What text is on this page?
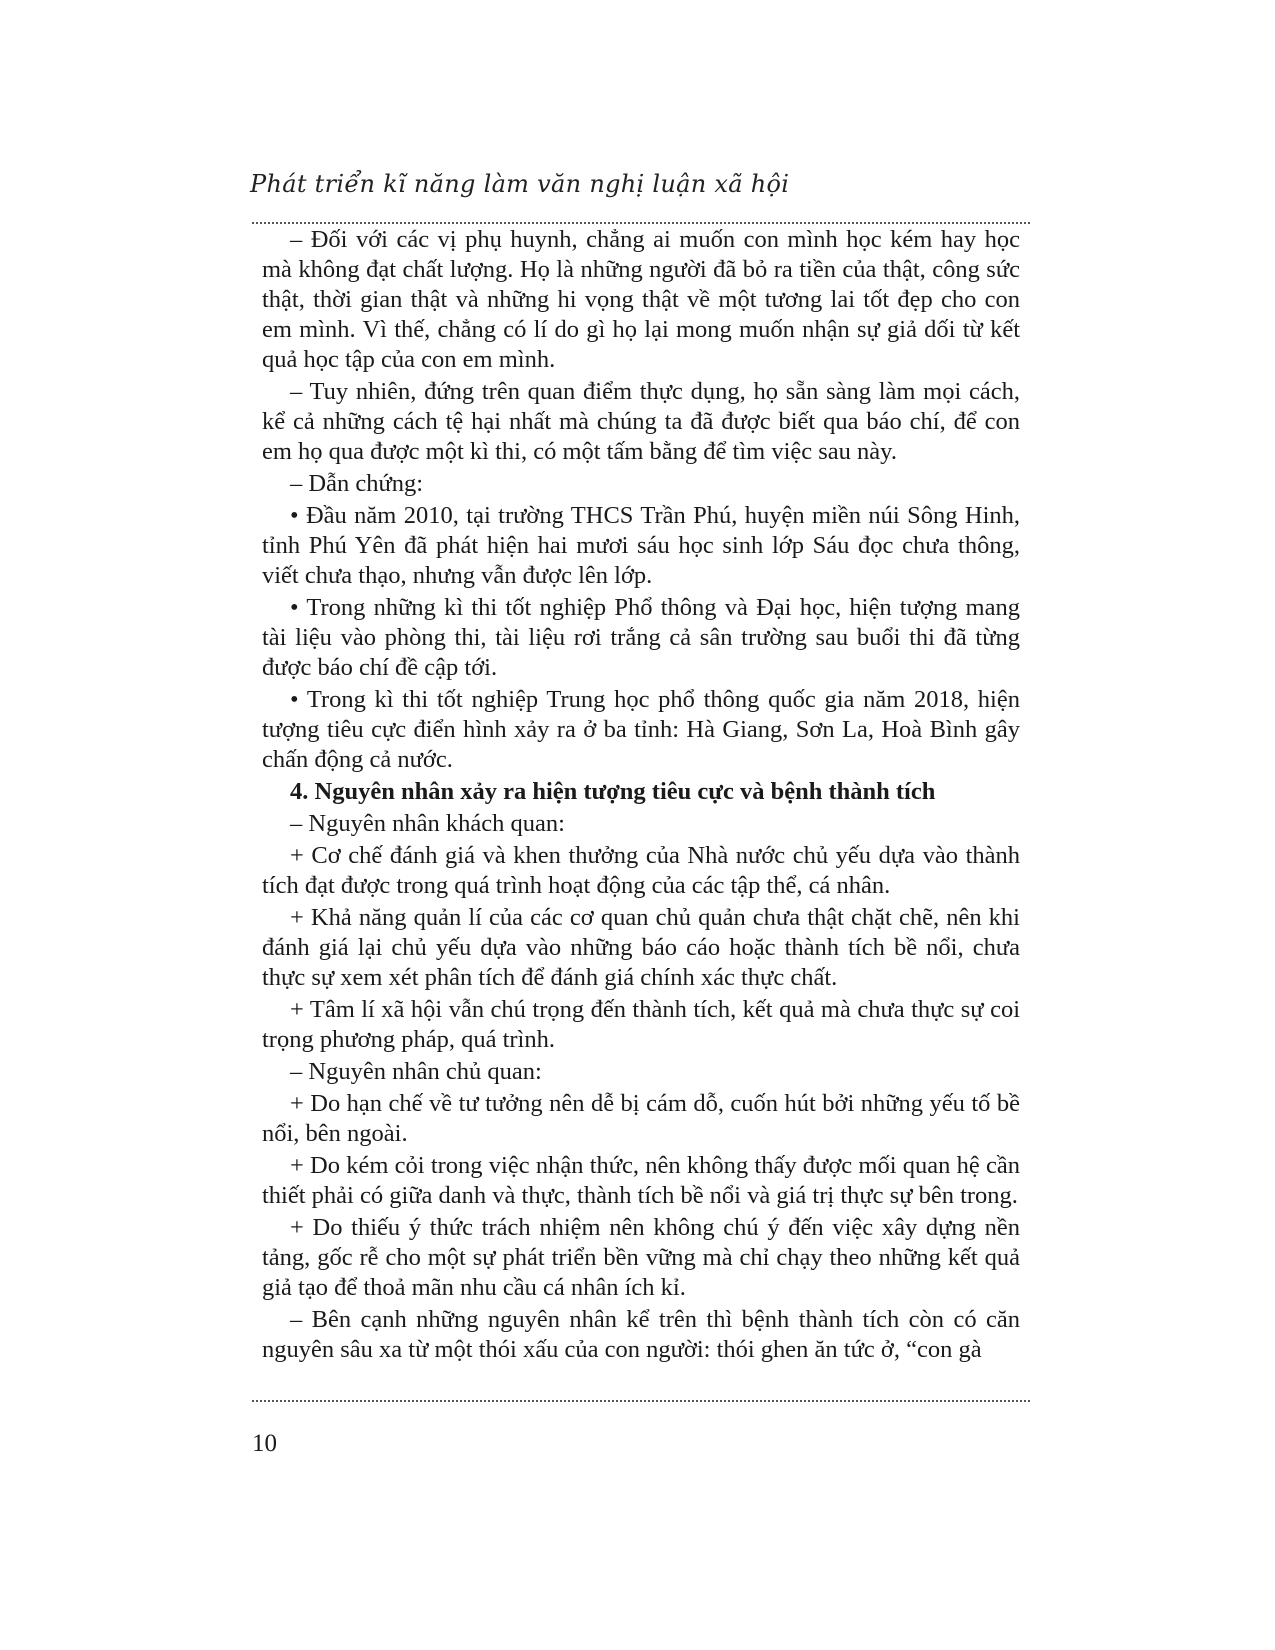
Phát triển kĩ năng làm văn nghị luận xã hội

– Đối với các vị phụ huynh, chẳng ai muốn con mình học kém hay học mà không đạt chất lượng. Họ là những người đã bỏ ra tiền của thật, công sức thật, thời gian thật và những hi vọng thật về một tương lai tốt đẹp cho con em mình. Vì thế, chẳng có lí do gì họ lại mong muốn nhận sự giả dối từ kết quả học tập của con em mình.

– Tuy nhiên, đứng trên quan điểm thực dụng, họ sẵn sàng làm mọi cách, kể cả những cách tệ hại nhất mà chúng ta đã được biết qua báo chí, để con em họ qua được một kì thi, có một tấm bằng để tìm việc sau này.

– Dẫn chứng:

• Đầu năm 2010, tại trường THCS Trần Phú, huyện miền núi Sông Hinh, tỉnh Phú Yên đã phát hiện hai mươi sáu học sinh lớp Sáu đọc chưa thông, viết chưa thạo, nhưng vẫn được lên lớp.

• Trong những kì thi tốt nghiệp Phổ thông và Đại học, hiện tượng mang tài liệu vào phòng thi, tài liệu rơi trắng cả sân trường sau buổi thi đã từng được báo chí đề cập tới.

• Trong kì thi tốt nghiệp Trung học phổ thông quốc gia năm 2018, hiện tượng tiêu cực điển hình xảy ra ở ba tỉnh: Hà Giang, Sơn La, Hoà Bình gây chấn động cả nước.

4. Nguyên nhân xảy ra hiện tượng tiêu cực và bệnh thành tích

– Nguyên nhân khách quan:

+ Cơ chế đánh giá và khen thưởng của Nhà nước chủ yếu dựa vào thành tích đạt được trong quá trình hoạt động của các tập thể, cá nhân.

+ Khả năng quản lí của các cơ quan chủ quản chưa thật chặt chẽ, nên khi đánh giá lại chủ yếu dựa vào những báo cáo hoặc thành tích bề nổi, chưa thực sự xem xét phân tích để đánh giá chính xác thực chất.

+ Tâm lí xã hội vẫn chú trọng đến thành tích, kết quả mà chưa thực sự coi trọng phương pháp, quá trình.

– Nguyên nhân chủ quan:

+ Do hạn chế về tư tưởng nên dễ bị cám dỗ, cuốn hút bởi những yếu tố bề nổi, bên ngoài.

+ Do kém cỏi trong việc nhận thức, nên không thấy được mối quan hệ cần thiết phải có giữa danh và thực, thành tích bề nổi và giá trị thực sự bên trong.

+ Do thiếu ý thức trách nhiệm nên không chú ý đến việc xây dựng nền tảng, gốc rễ cho một sự phát triển bền vững mà chỉ chạy theo những kết quả giả tạo để thoả mãn nhu cầu cá nhân ích kỉ.

– Bên cạnh những nguyên nhân kể trên thì bệnh thành tích còn có căn nguyên sâu xa từ một thói xấu của con người: thói ghen ăn tức ở, “con gà

10
